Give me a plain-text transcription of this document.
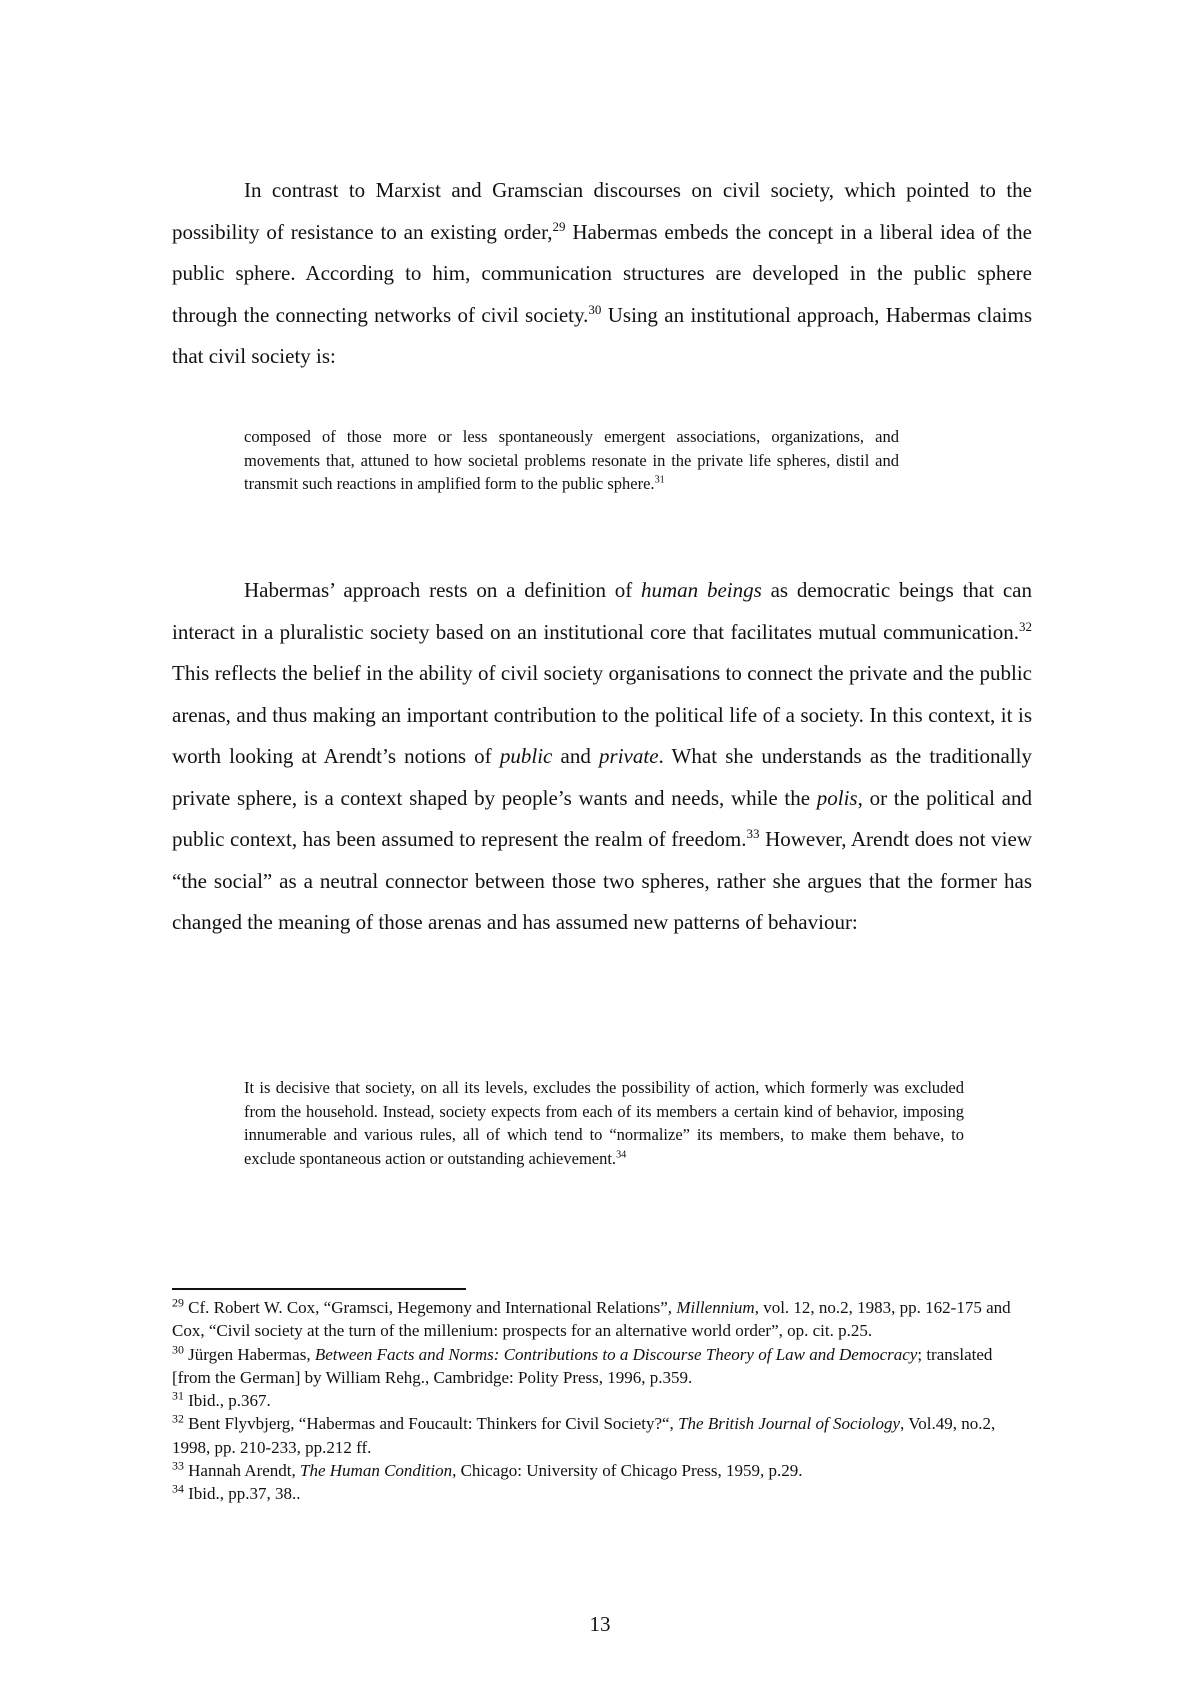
In contrast to Marxist and Gramscian discourses on civil society, which pointed to the possibility of resistance to an existing order,$^{29}$ Habermas embeds the concept in a liberal idea of the public sphere. According to him, communication structures are developed in the public sphere through the connecting networks of civil society.$^{30}$ Using an institutional approach, Habermas claims that civil society is:

composed of those more or less spontaneously emergent associations, organizations, and movements that, attuned to how societal problems resonate in the private life spheres, distil and transmit such reactions in amplified form to the public sphere.$^{31}$

Habermas’ approach rests on a definition of human beings as democratic beings that can interact in a pluralistic society based on an institutional core that facilitates mutual communication.$^{32}$ This reflects the belief in the ability of civil society organisations to connect the private and the public arenas, and thus making an important contribution to the political life of a society. In this context, it is worth looking at Arendt’s notions of public and private. What she understands as the traditionally private sphere, is a context shaped by people’s wants and needs, while the polis, or the political and public context, has been assumed to represent the realm of freedom.$^{33}$ However, Arendt does not view “the social” as a neutral connector between those two spheres, rather she argues that the former has changed the meaning of those arenas and has assumed new patterns of behaviour:

It is decisive that society, on all its levels, excludes the possibility of action, which formerly was excluded from the household. Instead, society expects from each of its members a certain kind of behavior, imposing innumerable and various rules, all of which tend to “normalize” its members, to make them behave, to exclude spontaneous action or outstanding achievement.$^{34}$

$^{29}$ Cf. Robert W. Cox, “Gramsci, Hegemony and International Relations”, Millennium, vol. 12, no.2, 1983, pp. 162-175 and Cox, “Civil society at the turn of the millenium: prospects for an alternative world order”, op. cit. p.25.

$^{30}$ Jürgen Habermas, Between Facts and Norms: Contributions to a Discourse Theory of Law and Democracy; translated [from the German] by William Rehg., Cambridge: Polity Press, 1996, p.359.

$^{31}$ Ibid., p.367.

$^{32}$ Bent Flyvbjerg, “Habermas and Foucault: Thinkers for Civil Society?“, The British Journal of Sociology, Vol.49, no.2, 1998, pp. 210-233, pp.212 ff.

$^{33}$ Hannah Arendt, The Human Condition, Chicago: University of Chicago Press, 1959, p.29.

$^{34}$ Ibid., pp.37, 38..

13
